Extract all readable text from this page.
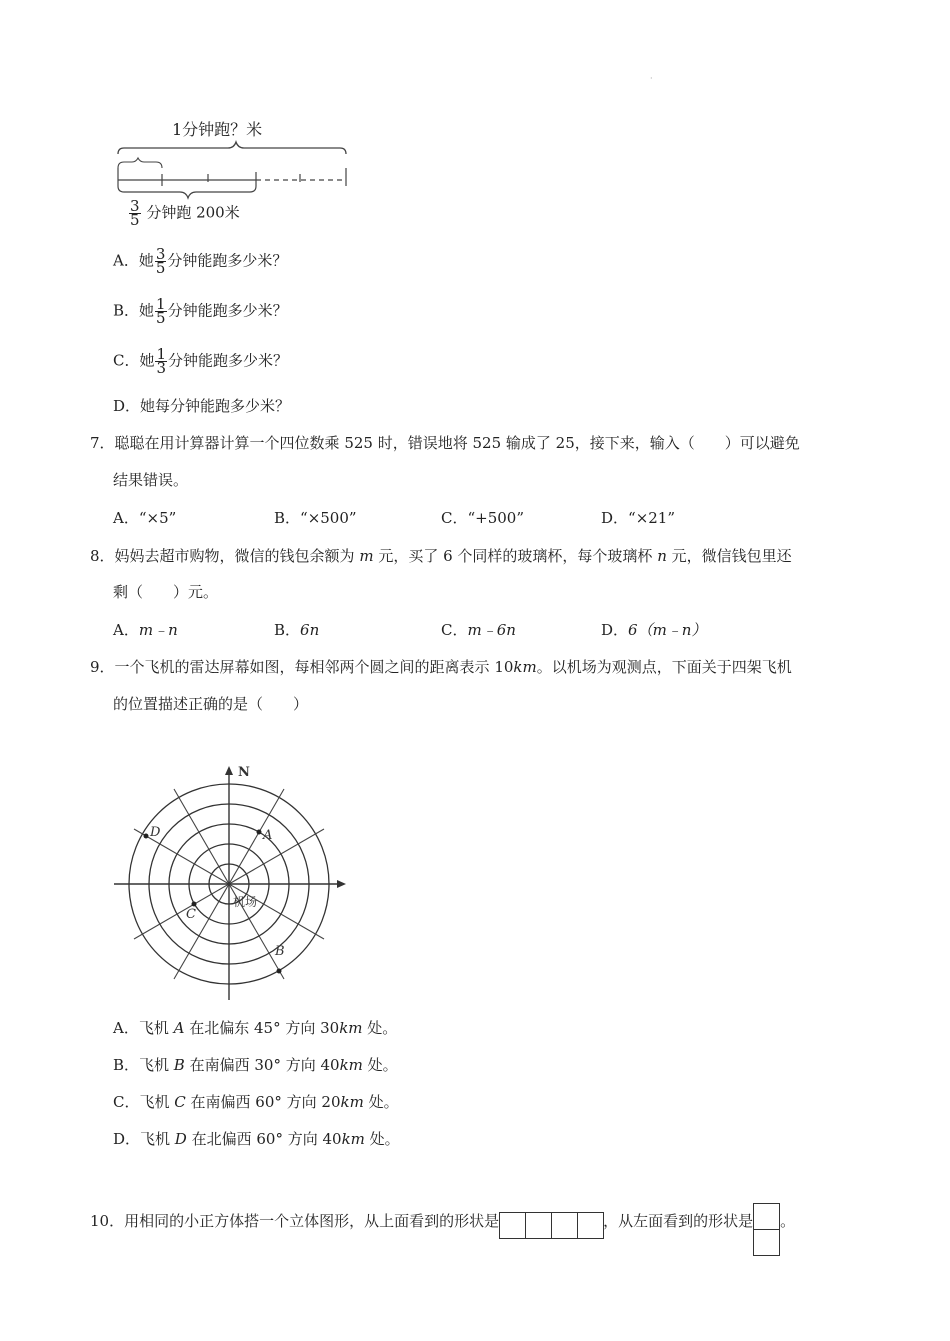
·
1分钟跑？米
$\frac{3}{5}$ 分钟跑 200米
A．她 $\frac{3}{5}$ 分钟能跑多少米？
B．她 $\frac{1}{5}$ 分钟能跑多少米？
C．她 $\frac{1}{3}$ 分钟能跑多少米？
D．她每分钟能跑多少米？
7．聪聪在用计算器计算一个四位数乘 525 时，错误地将 525 输成了 25，接下来，输入（　　）可以避免
结果错误。
A．“×5”	B．“×500”	C．“+500”	D．“×21”
8．妈妈去超市购物，微信的钱包余额为 m 元，买了 6 个同样的玻璃杯，每个玻璃杯 n 元，微信钱包里还
剩（　　）元。
A．m﹣n	B．6n	C．m﹣6n	D．6（m﹣n）
9．一个飞机的雷达屏幕如图，每相邻两个圆之间的距离表示 10km。以机场为观测点，下面关于四架飞机
的位置描述正确的是（　　）
N
A
B
C
D
机场
A．飞机 A 在北偏东 45° 方向 30km 处。
B．飞机 B 在南偏西 30° 方向 40km 处。
C．飞机 C 在南偏西 60° 方向 20km 处。
D．飞机 D 在北偏西 60° 方向 40km 处。
10．用相同的小正方体搭一个立体图形，从上面看到的形状是	，从左面看到的形状是 。
